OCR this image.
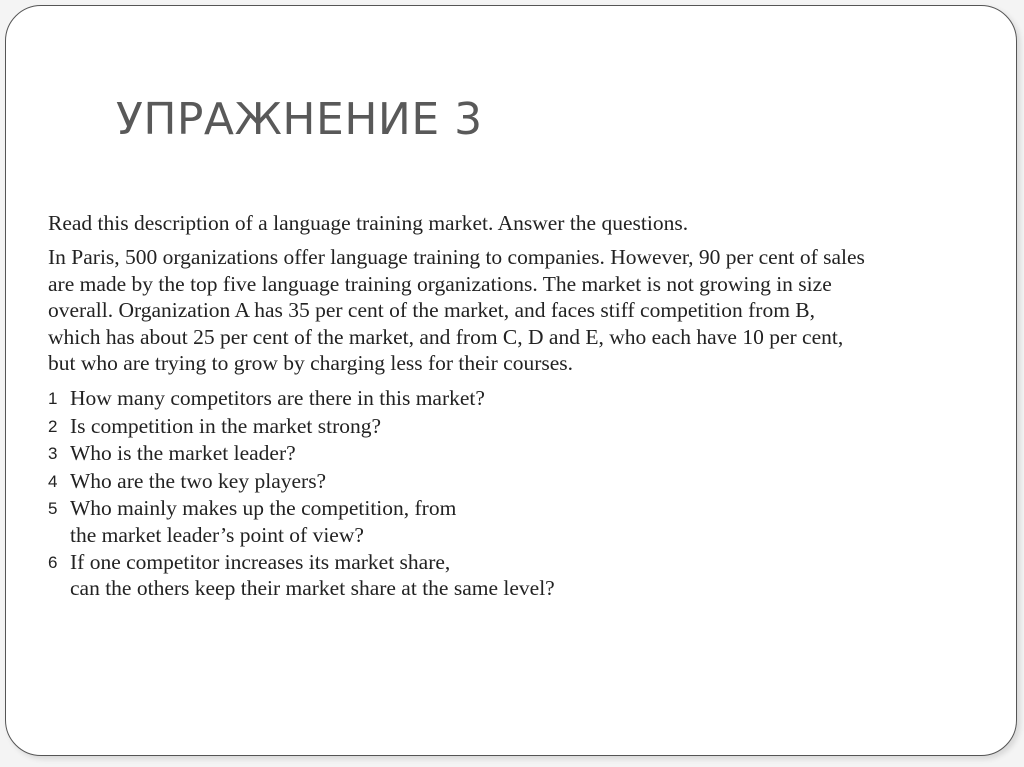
УПРАЖНЕНИЕ 3

Read this description of a language training market. Answer the questions.

In Paris, 500 organizations offer language training to companies. However, 90 per cent of sales
are made by the top five language training organizations. The market is not growing in size
overall. Organization A has 35 per cent of the market, and faces stiff competition from B,
which has about 25 per cent of the market, and from C, D and E, who each have 10 per cent,
but who are trying to grow by charging less for their courses.

1 How many competitors are there in this market?
2 Is competition in the market strong?
3 Who is the market leader?
4 Who are the two key players?
5 Who mainly makes up the competition, from
the market leader’s point of view?
6 If one competitor increases its market share,
can the others keep their market share at the same level?
